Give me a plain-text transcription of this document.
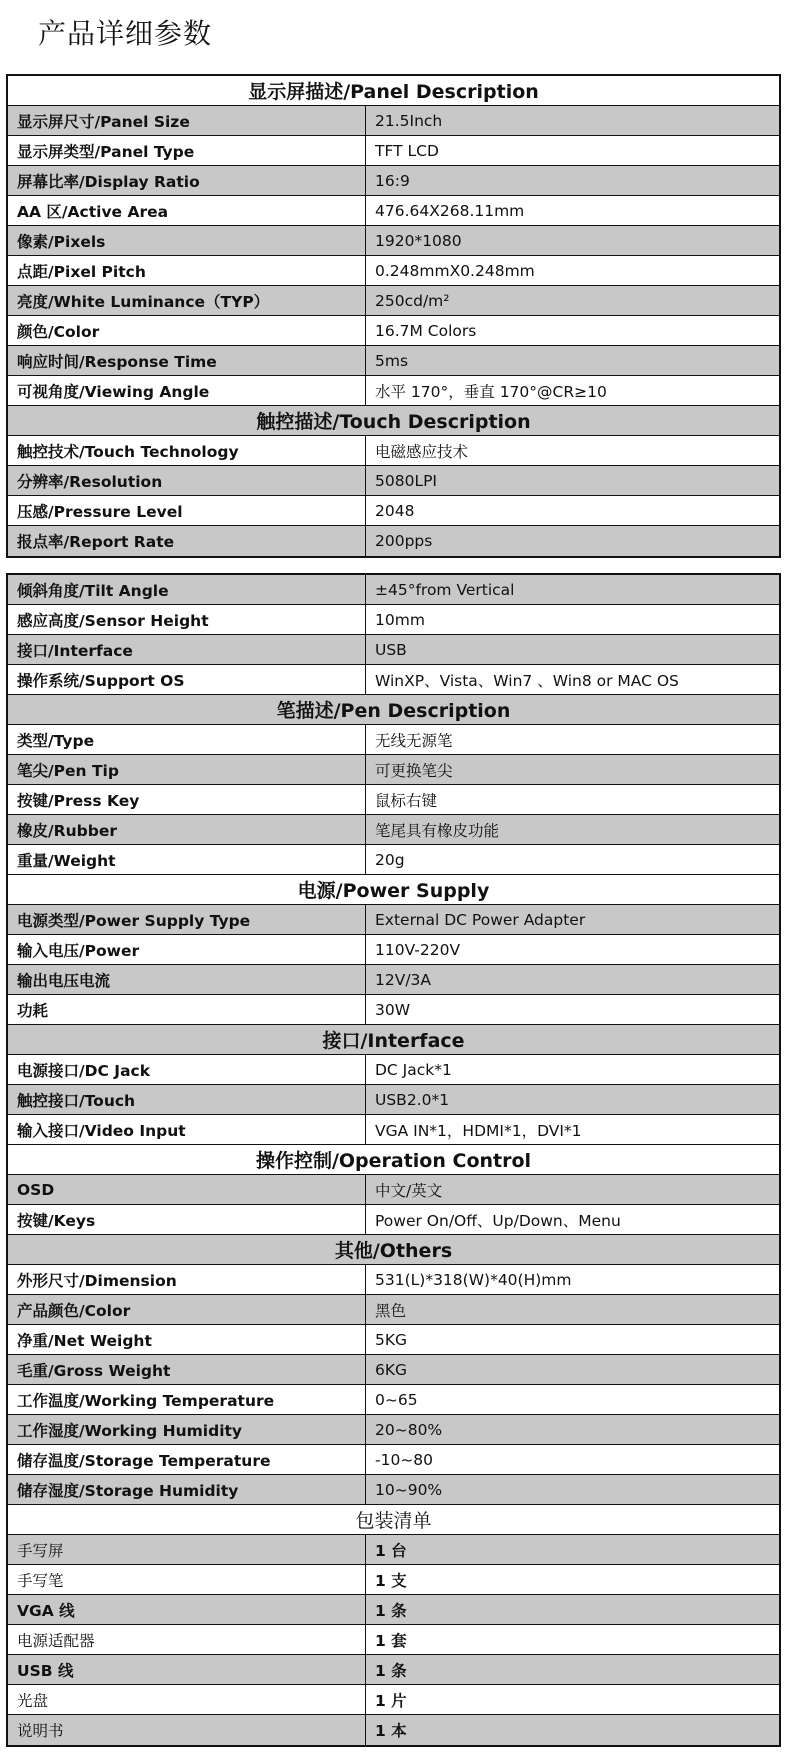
产品详细参数
显示屏描述/Panel Description
显示屏尺寸/Panel Size	21.5Inch
显示屏类型/Panel Type	TFT LCD
屏幕比率/Display Ratio	16:9
AA 区/Active Area	476.64X268.11mm
像素/Pixels	1920*1080
点距/Pixel Pitch	0.248mmX0.248mm
亮度/White Luminance（TYP）	250cd/m²
颜色/Color	16.7M Colors
响应时间/Response Time	5ms
可视角度/Viewing Angle	水平 170°，垂直 170°@CR≥10
触控描述/Touch Description
触控技术/Touch Technology	电磁感应技术
分辨率/Resolution	5080LPI
压感/Pressure Level	2048
报点率/Report Rate	200pps
倾斜角度/Tilt Angle	±45°from Vertical
感应高度/Sensor Height	10mm
接口/Interface	USB
操作系统/Support OS	WinXP、Vista、Win7 、Win8 or MAC OS
笔描述/Pen Description
类型/Type	无线无源笔
笔尖/Pen Tip	可更换笔尖
按键/Press Key	鼠标右键
橡皮/Rubber	笔尾具有橡皮功能
重量/Weight	20g
电源/Power Supply
电源类型/Power Supply Type	External DC Power Adapter
输入电压/Power	110V-220V
输出电压电流	12V/3A
功耗	30W
接口/Interface
电源接口/DC Jack	DC Jack*1
触控接口/Touch	USB2.0*1
输入接口/Video Input	VGA IN*1，HDMI*1，DVI*1
操作控制/Operation Control
OSD	中文/英文
按键/Keys	Power On/Off、Up/Down、Menu
其他/Others
外形尺寸/Dimension	531(L)*318(W)*40(H)mm
产品颜色/Color	黑色
净重/Net Weight	5KG
毛重/Gross Weight	6KG
工作温度/Working Temperature	0~65
工作湿度/Working Humidity	20~80%
储存温度/Storage Temperature	-10~80
储存湿度/Storage Humidity	10~90%
包装清单
手写屏	1 台
手写笔	1 支
VGA 线	1 条
电源适配器	1 套
USB 线	1 条
光盘	1 片
说明书	1 本
